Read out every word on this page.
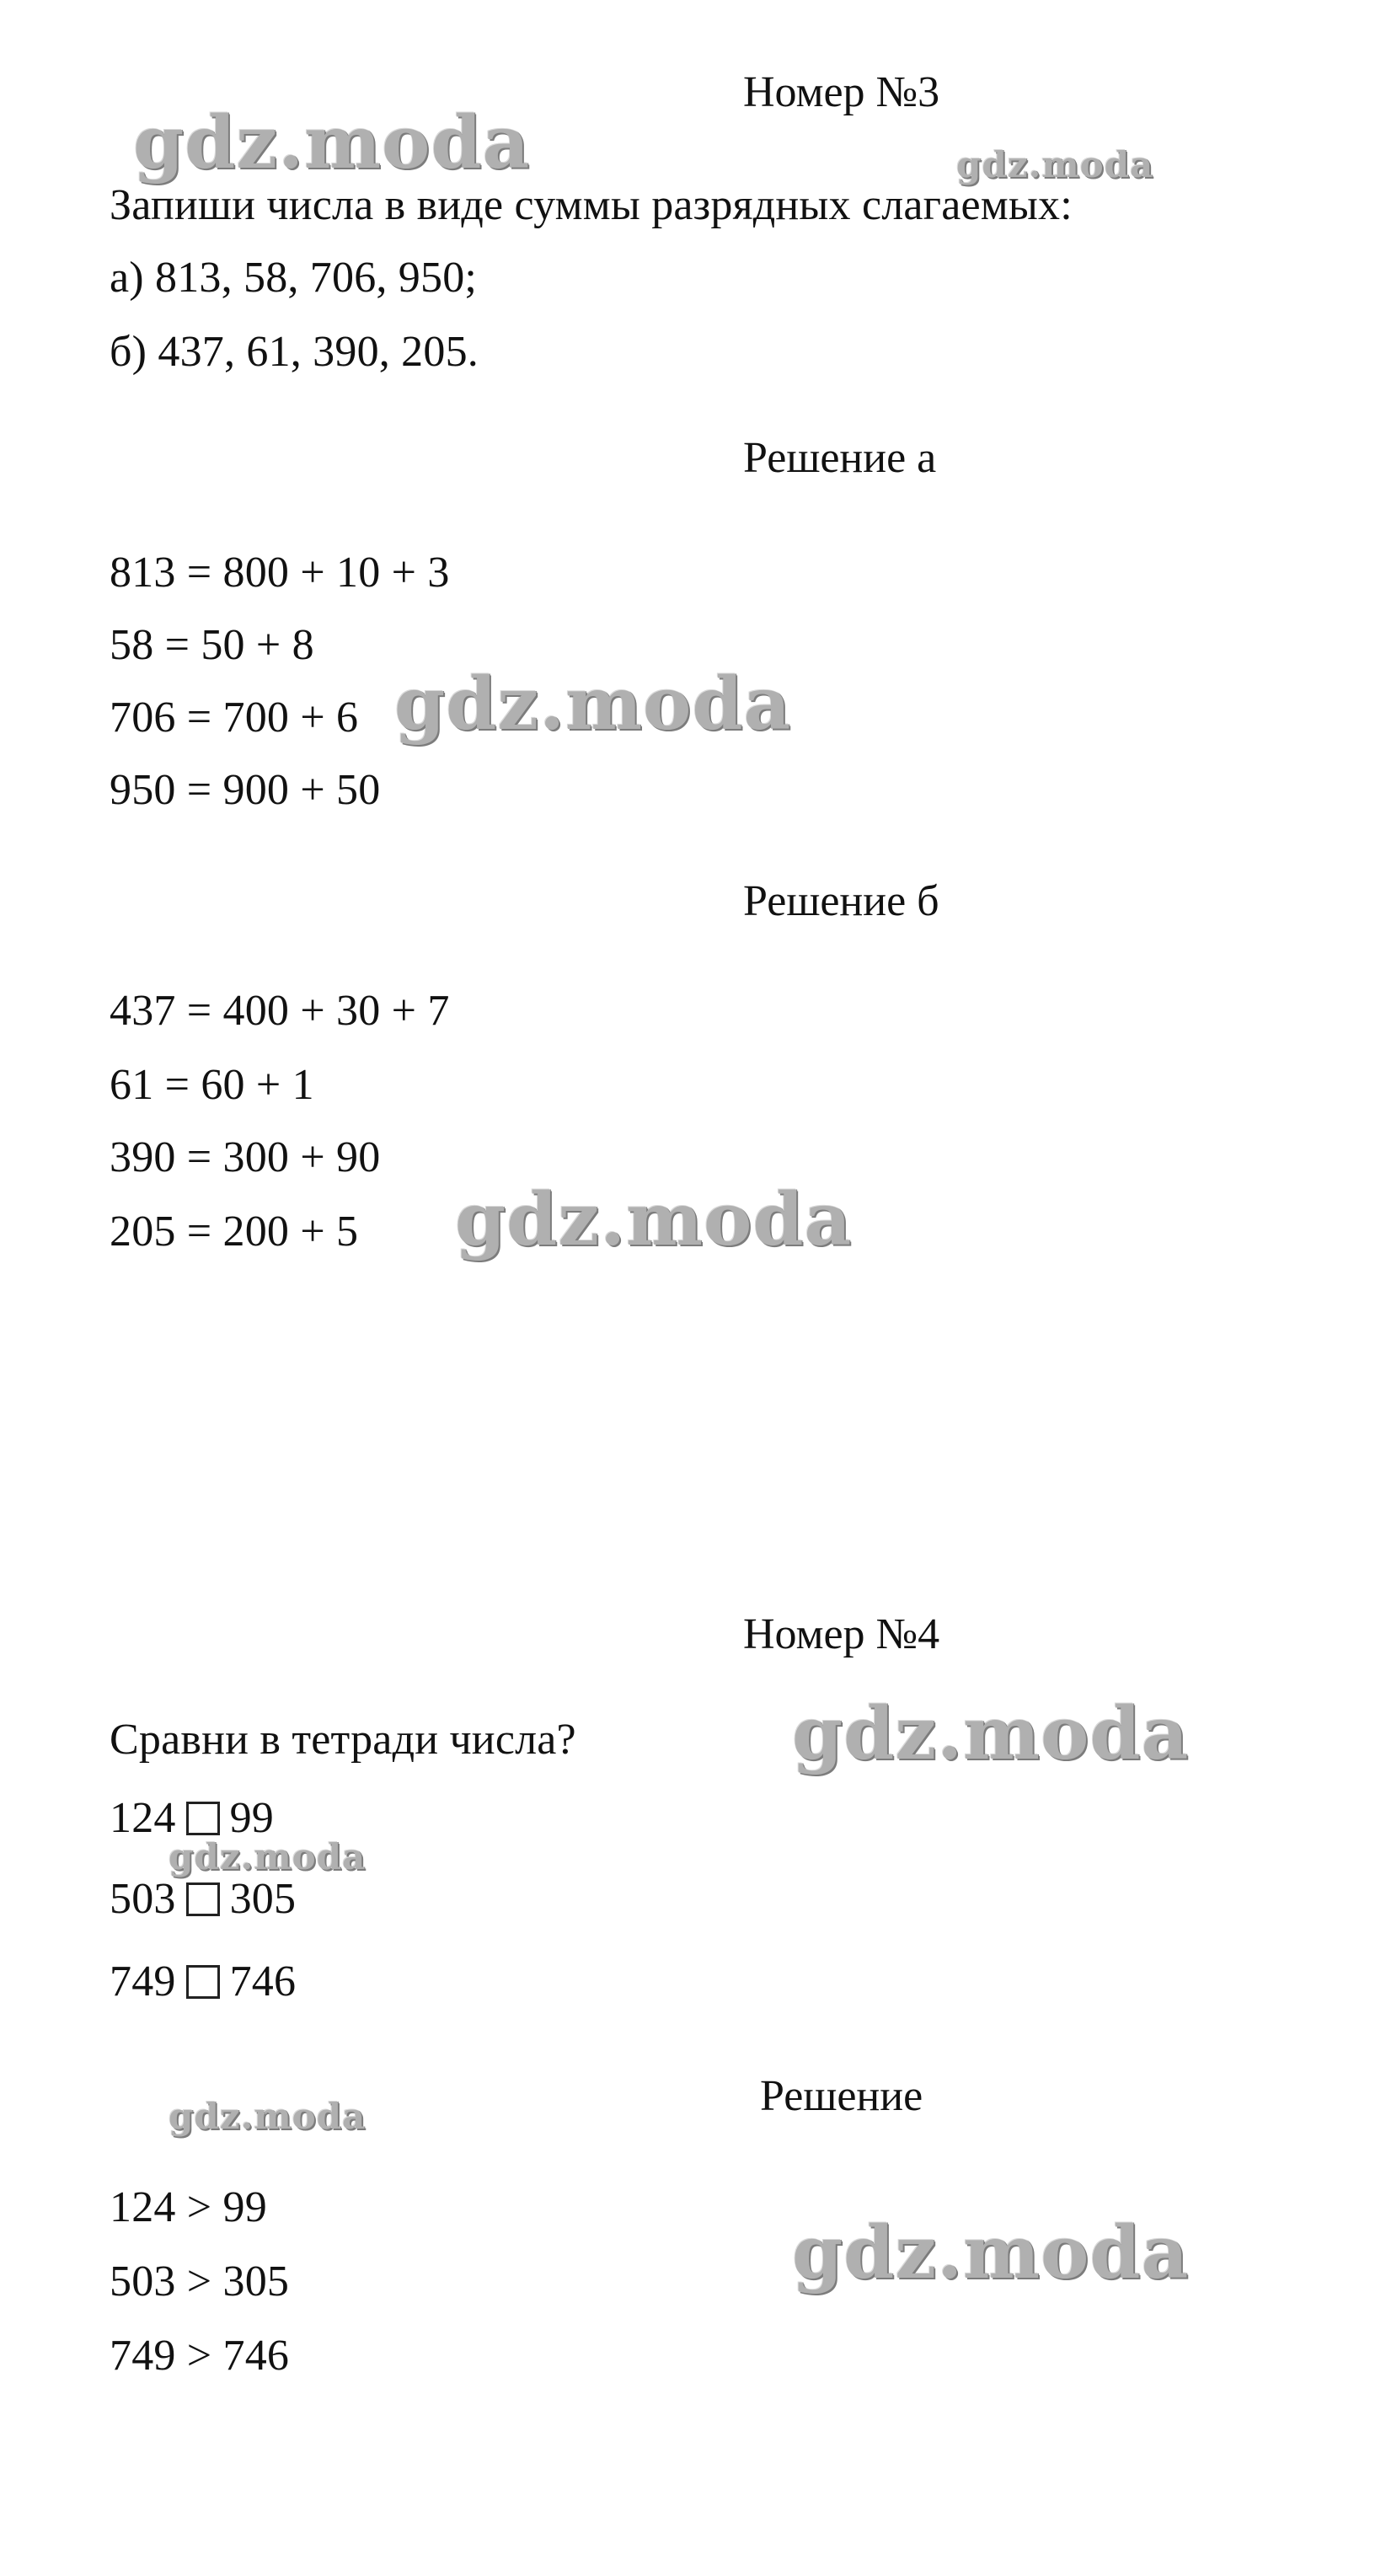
Номер №3
gdz.moda	gdz.moda
Запиши числа в виде суммы разрядных слагаемых:
а) 813, 58, 706, 950;
б) 437, 61, 390, 205.
Решение а
813 = 800 + 10 + 3
58 = 50 + 8
706 = 700 + 6 gdz.moda
950 = 900 + 50
Решение б
437 = 400 + 30 + 7
61 = 60 + 1
390 = 300 + 90
205 = 200 + 5 gdz.moda
Номер №4
Сравни в тетради числа?	gdz.moda
124 99
gdz.moda
503 305
749 746
gdz.moda	Решение
124 > 99
gdz.moda
503 > 305
749 > 746
